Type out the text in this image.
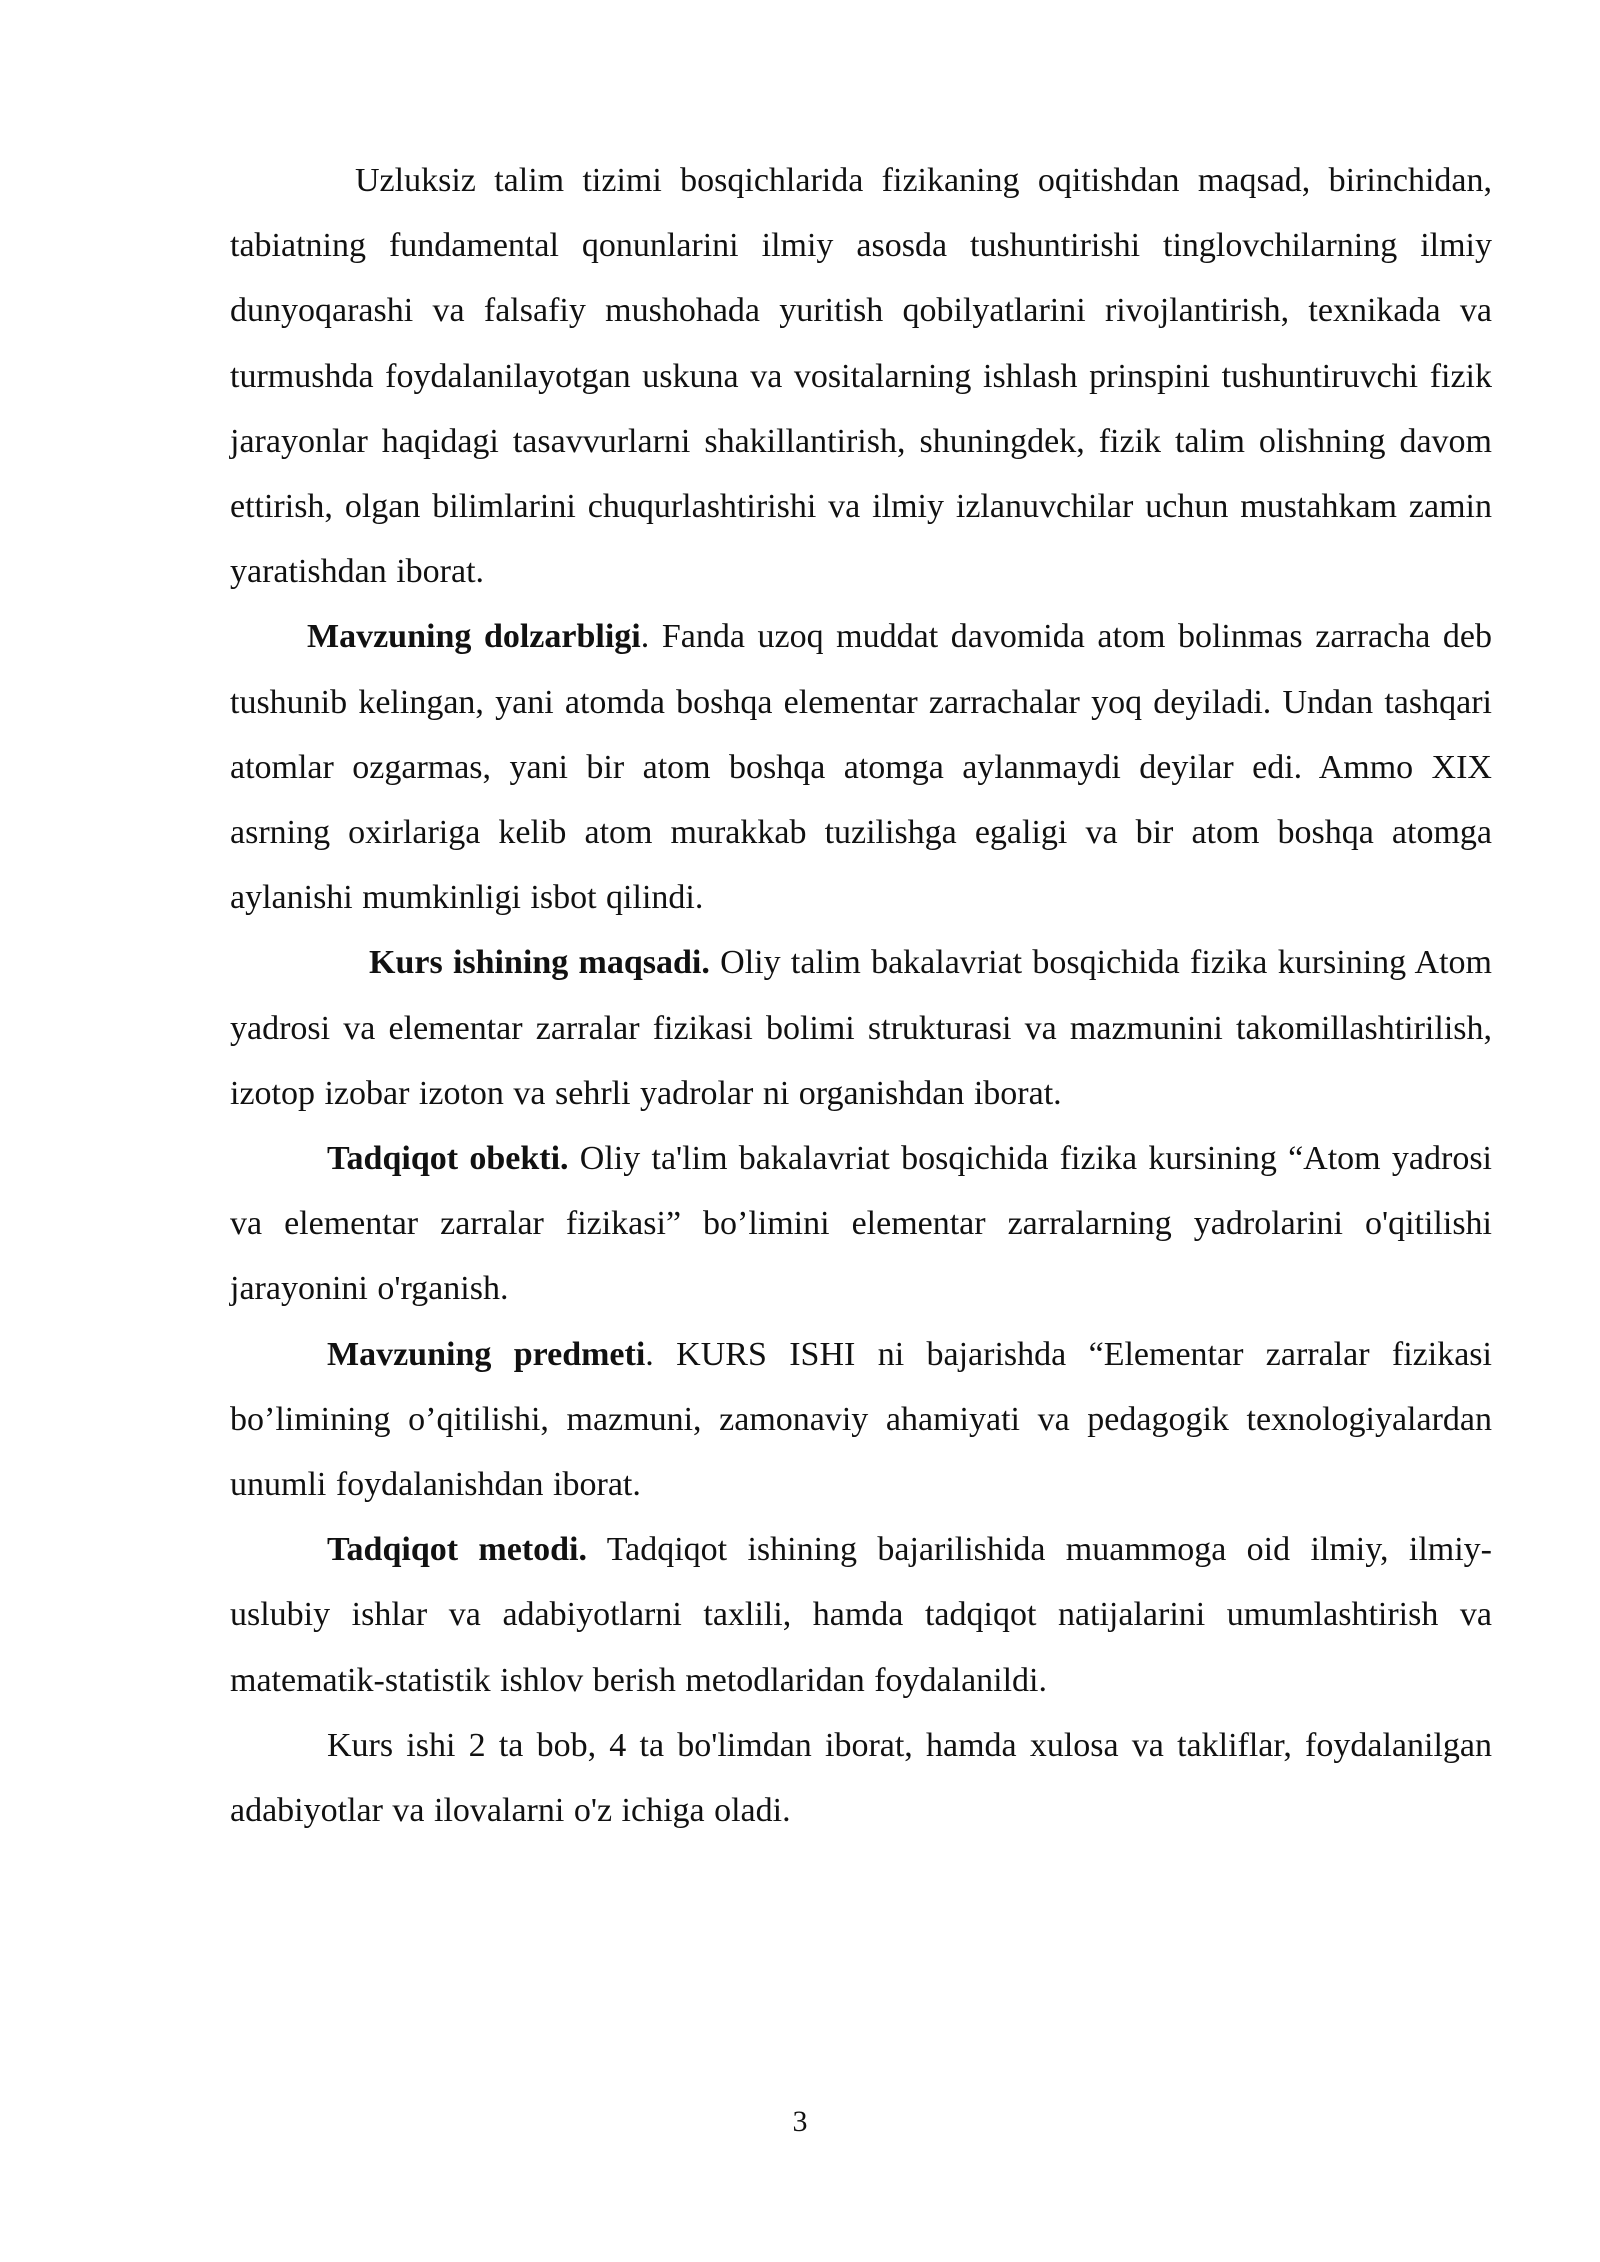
Uzluksiz talim tizimi bosqichlarida fizikaning oqitishdan maqsad, birinchidan, tabiatning fundamental qonunlarini ilmiy asosda tushuntirishi tinglovchilarning ilmiy dunyoqarashi va falsafiy mushohada yuritish qobilyatlarini rivojlantirish, texnikada va turmushda foydalanilayotgan uskuna va vositalarning ishlash prinspini tushuntiruvchi fizik jarayonlar haqidagi tasavvurlarni shakillantirish, shuningdek, fizik talim olishning davom ettirish, olgan bilimlarini chuqurlashtirishi va ilmiy izlanuvchilar uchun mustahkam zamin yaratishdan iborat.

Mavzuning dolzarbligi. Fanda uzoq muddat davomida atom bolinmas zarracha deb tushunib kelingan, yani atomda boshqa elementar zarrachalar yoq deyiladi. Undan tashqari atomlar ozgarmas, yani bir atom boshqa atomga aylanmaydi deyilar edi. Ammo XIX asrning oxirlariga kelib atom murakkab tuzilishga egaligi va bir atom boshqa atomga aylanishi mumkinligi isbot qilindi.

Kurs ishining maqsadi. Oliy talim bakalavriat bosqichida fizika kursining Atom yadrosi va elementar zarralar fizikasi bolimi strukturasi va mazmunini takomillashtirilish, izotop izobar izoton va sehrli yadrolar ni organishdan iborat.

Tadqiqot obekti. Oliy ta'lim bakalavriat bosqichida fizika kursining “Atom yadrosi va elementar zarralar fizikasi” bo’limini elementar zarralarning yadrolarini o'qitilishi jarayonini o'rganish.

Mavzuning predmeti. KURS ISHI ni bajarishda “Elementar zarralar fizikasi bo’limining o’qitilishi, mazmuni, zamonaviy ahamiyati va pedagogik texnologiyalardan unumli foydalanishdan iborat.

Tadqiqot metodi. Tadqiqot ishining bajarilishida muammoga oid ilmiy, ilmiy-uslubiy ishlar va adabiyotlarni taxlili, hamda tadqiqot natijalarini umumlashtirish va matematik-statistik ishlov berish metodlaridan foydalanildi.

Kurs ishi 2 ta bob, 4 ta bo'limdan iborat, hamda xulosa va takliflar, foydalanilgan adabiyotlar va ilovalarni o'z ichiga oladi.

3
